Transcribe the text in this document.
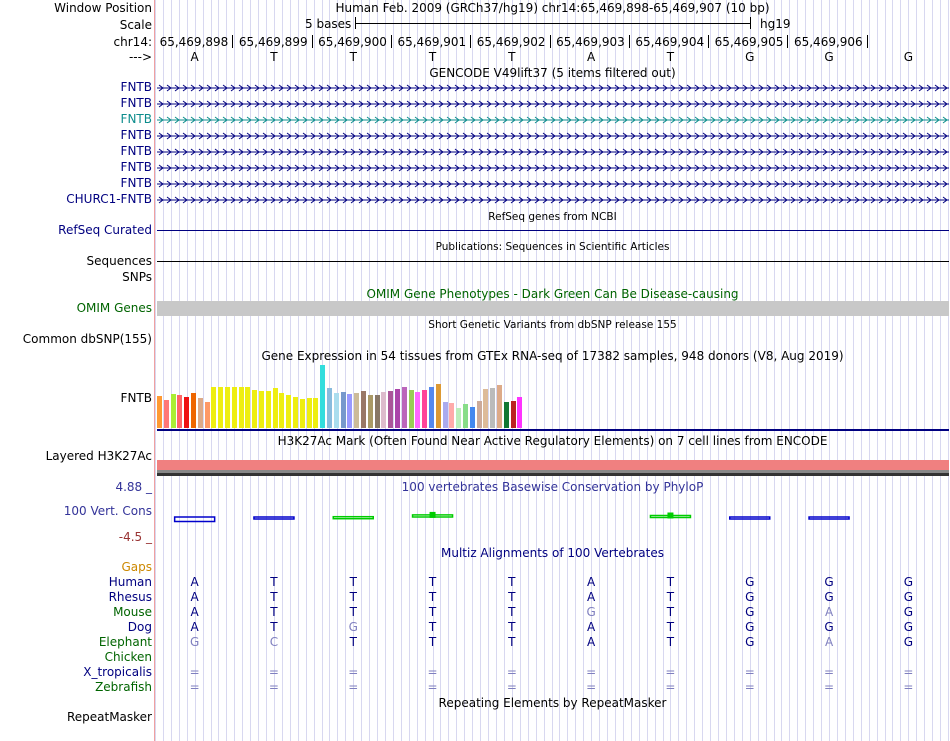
Window Position	Human Feb. 2009 (GRCh37/hg19) chr14:65,469,898-65,469,907 (10 bp)
Scale	5 bases	hg19
chr14: 65,469,898 65,469,899 65,469,900 65,469,901 65,469,902 65,469,903 65,469,904 65,469,905 65,469,906
--->	A	T	T	T	T	A	T	G	G	G
GENCODE V49lift37 (5 items filtered out)
FNTB
FNTB
FNTB
FNTB
FNTB
FNTB
FNTB
CHURC1-FNTB
RefSeq genes from NCBI
RefSeq Curated
Publications: Sequences in Scientific Articles
Sequences
SNPs
OMIM Gene Phenotypes - Dark Green Can Be Disease-causing
OMIM Genes
Short Genetic Variants from dbSNP release 155
Common dbSNP(155)
Gene Expression in 54 tissues from GTEx RNA-seq of 17382 samples, 948 donors (V8, Aug 2019)
FNTB
H3K27Ac Mark (Often Found Near Active Regulatory Elements) on 7 cell lines from ENCODE
Layered H3K27Ac
100 vertebrates Basewise Conservation by PhyloP
4.88 _
100 Vert. Cons
-4.5 _
Multiz Alignments of 100 Vertebrates
Gaps
Human	A	T	T	T	T	A	T	G	G	G
Rhesus	A	T	T	T	T	A	T	G	G	G
Mouse	A	T	T	T	T	G	T	G	A	G
Dog	A	T	G	T	T	A	T	G	G	G
Elephant	G	C	T	T	T	A	T	G	A	G
Chicken
X_tropicalis	=	=	=	=	=	=	=	=	=	=
Zebrafish	=	=	=	=	=	=	=	=	=	=
Repeating Elements by RepeatMasker
RepeatMasker
